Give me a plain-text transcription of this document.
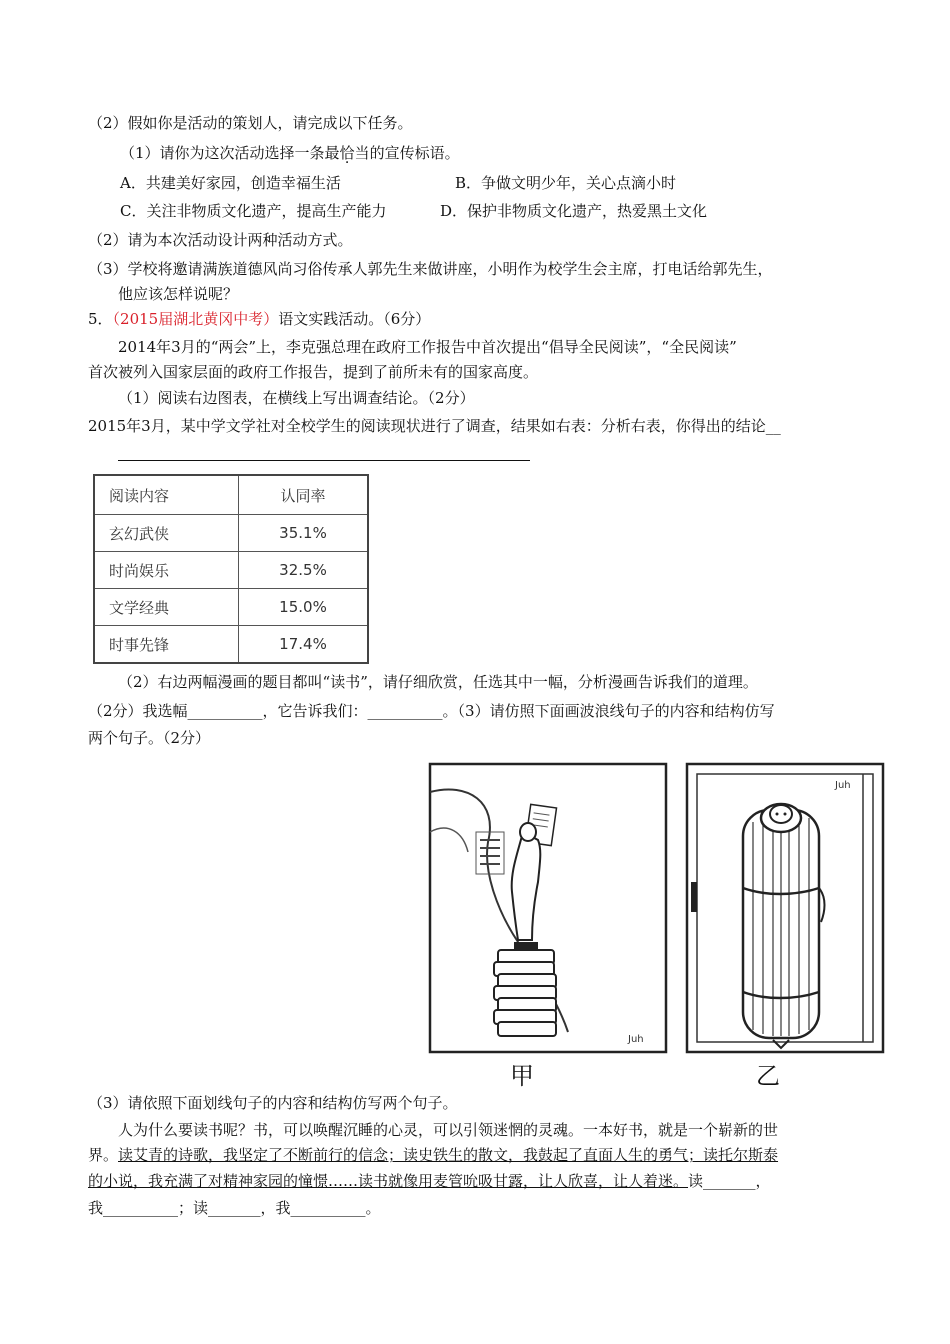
（2）假如你是活动的策划人，请完成以下任务。
（1）请你为这次活动选择一条最恰当的宣传标语。
A．共建美好家园，创造幸福生活	B．争做文明少年，关心点滴小时
C．关注非物质文化遗产，提高生产能力	D．保护非物质文化遗产，热爱黑土文化
（2）请为本次活动设计两种活动方式。
（3）学校将邀请满族道德风尚习俗传承人郭先生来做讲座，小明作为校学生会主席，打电话给郭先生，
他应该怎样说呢？
5．（2015届湖北黄冈中考）语文实践活动。（6分）
2014年3月的“两会”上，李克强总理在政府工作报告中首次提出“倡导全民阅读”，“全民阅读”
首次被列入国家层面的政府工作报告，提到了前所未有的国家高度。
（1）阅读右边图表，在横线上写出调查结论。（2分）
2015年3月，某中学文学社对全校学生的阅读现状进行了调查，结果如右表：分析右表，你得出的结论__
阅读内容	认同率
玄幻武侠	35.1%
时尚娱乐	32.5%
文学经典	15.0%
时事先锋	17.4%
（2）右边两幅漫画的题目都叫“读书”，请仔细欣赏，任选其中一幅，分析漫画告诉我们的道理。
（2分）我选幅__________，它告诉我们：__________。（3）请仿照下面画波浪线句子的内容和结构仿写
两个句子。（2分）
Juh
甲
Juh
乙
（3）请依照下面划线句子的内容和结构仿写两个句子。
人为什么要读书呢？书，可以唤醒沉睡的心灵，可以引领迷惘的灵魂。一本好书，就是一个崭新的世
界。读艾青的诗歌，我坚定了不断前行的信念；读史铁生的散文，我鼓起了直面人生的勇气；读托尔斯泰
的小说，我充满了对精神家园的憧憬……读书就像用麦管吮吸甘露，让人欣喜，让人着迷。读_______，
我__________；读_______，我__________。
